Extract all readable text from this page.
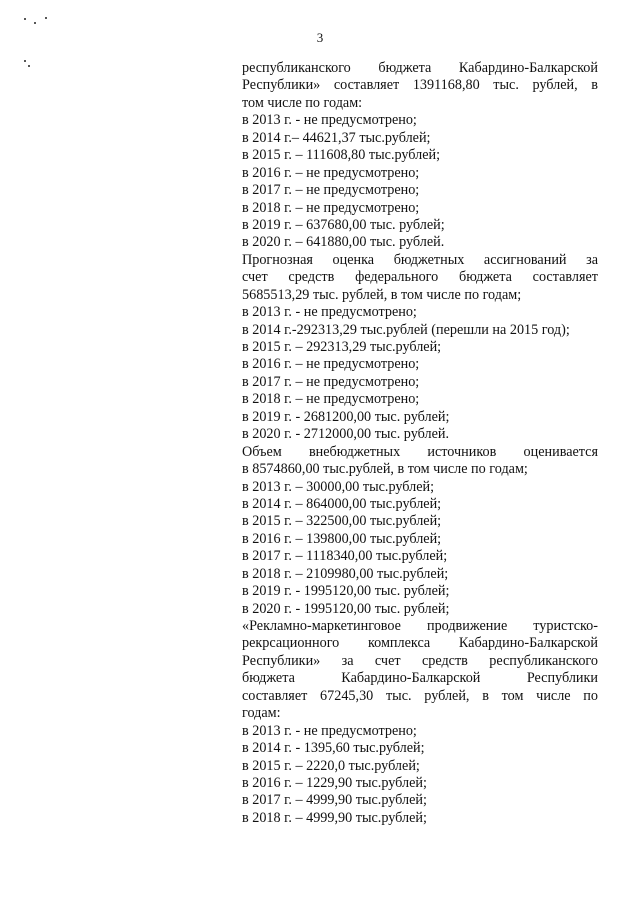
3
республиканского бюджета Кабардино-Балкарской
Республики» составляет 1391168,80 тыс. рублей, в
том числе по годам:
в 2013 г. - не предусмотрено;
в 2014 г.– 44621,37 тыс.рублей;
в 2015 г. – 111608,80 тыс.рублей;
в 2016 г. – не предусмотрено;
в 2017 г. – не предусмотрено;
в 2018 г. – не предусмотрено;
в 2019 г. – 637680,00 тыс. рублей;
в 2020 г. – 641880,00 тыс. рублей.
Прогнозная оценка бюджетных ассигнований за
счет средств федерального бюджета составляет
5685513,29 тыс. рублей, в том числе по годам;
в 2013 г. - не предусмотрено;
в 2014 г.-292313,29 тыс.рублей (перешли на 2015 год);
в 2015 г. – 292313,29 тыс.рублей;
в 2016 г. – не предусмотрено;
в 2017 г. – не предусмотрено;
в 2018 г. – не предусмотрено;
в 2019 г. - 2681200,00 тыс. рублей;
в 2020 г. - 2712000,00 тыс. рублей.
Объем внебюджетных источников оценивается
в 8574860,00 тыс.рублей, в том числе по годам;
в 2013 г. – 30000,00 тыс.рублей;
в 2014 г. – 864000,00 тыс.рублей;
в 2015 г. – 322500,00 тыс.рублей;
в 2016 г. – 139800,00 тыс.рублей;
в 2017 г. – 1118340,00 тыс.рублей;
в 2018 г. – 2109980,00 тыс.рублей;
в 2019 г. - 1995120,00 тыс. рублей;
в 2020 г. - 1995120,00 тыс. рублей;
«Рекламно-маркетинговое продвижение туристско-
рекрсационного комплекса Кабардино-Балкарской
Республики» за счет средств республиканского
бюджета Кабардино-Балкарской Республики
составляет 67245,30 тыс. рублей, в том числе по
годам:
в 2013 г. - не предусмотрено;
в 2014 г. - 1395,60 тыс.рублей;
в 2015 г. – 2220,0 тыс.рублей;
в 2016 г. – 1229,90 тыс.рублей;
в 2017 г. – 4999,90 тыс.рублей;
в 2018 г. – 4999,90 тыс.рублей;
